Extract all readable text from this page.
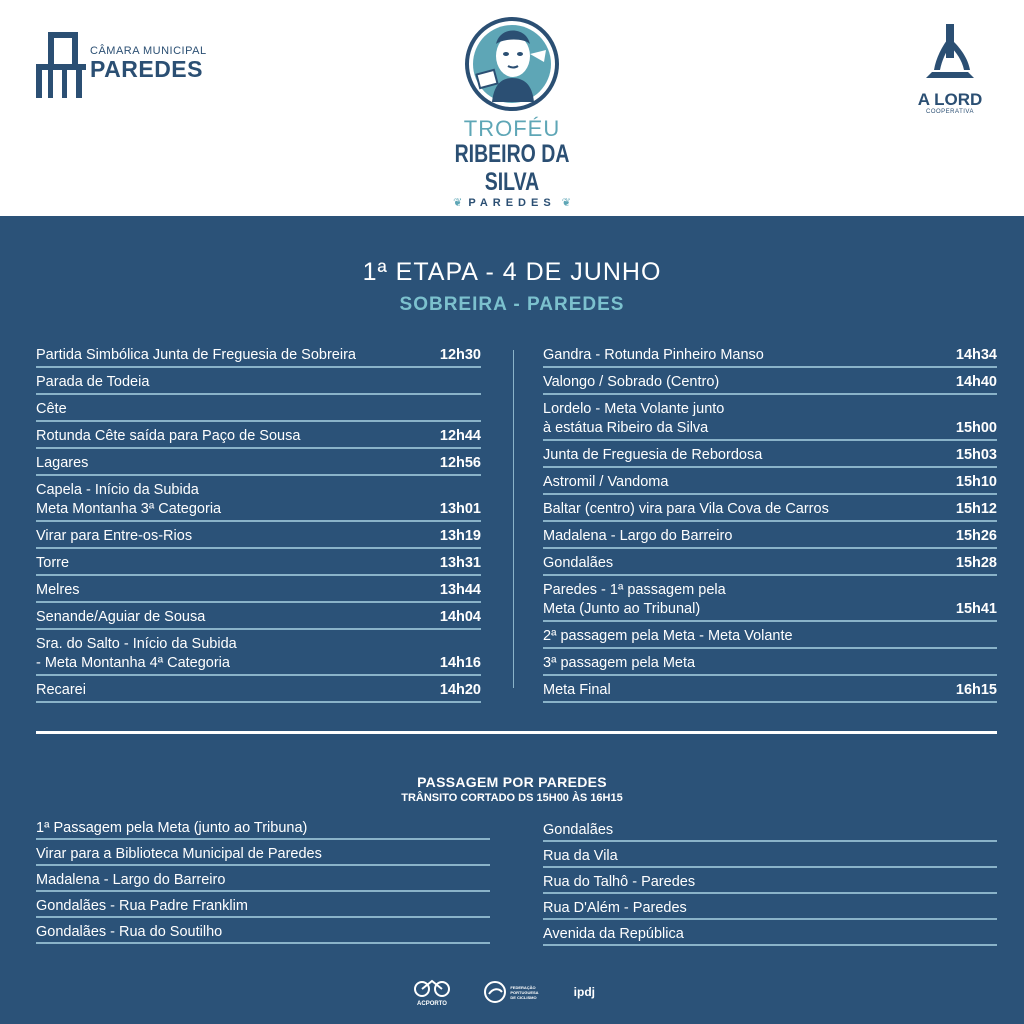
CÂMARA MUNICIPAL
PAREDES
TROFÉU
RIBEIRO DA SILVA
❦ PAREDES ❦
A LORD
COOPERATIVA
1ª ETAPA - 4 DE JUNHO
SOBREIRA - PAREDES
Partida Simbólica Junta de Freguesia de Sobreira	12h30
Parada de Todeia
Cête
Rotunda Cête saída para Paço de Sousa	12h44
Lagares	12h56
Capela - Início da Subida
Meta Montanha 3ª Categoria	13h01
Virar para Entre-os-Rios	13h19
Torre	13h31
Melres	13h44
Senande/Aguiar de Sousa	14h04
Sra. do Salto - Início da Subida
- Meta Montanha 4ª Categoria	14h16
Recarei	14h20
Gandra - Rotunda Pinheiro Manso	14h34
Valongo / Sobrado (Centro)	14h40
Lordelo - Meta Volante junto
à estátua Ribeiro da Silva	15h00
Junta de Freguesia de Rebordosa	15h03
Astromil / Vandoma	15h10
Baltar (centro) vira para Vila Cova de Carros	15h12
Madalena - Largo do Barreiro	15h26
Gondalães	15h28
Paredes - 1ª passagem pela
Meta (Junto ao Tribunal)	15h41
2ª passagem pela Meta - Meta Volante
3ª passagem pela Meta
Meta Final	16h15
PASSAGEM POR PAREDES
TRÂNSITO CORTADO DS 15H00 ÀS 16H15
1ª Passagem pela Meta (junto ao Tribuna)
Virar para a Biblioteca Municipal de Paredes
Madalena - Largo do Barreiro
Gondalães - Rua Padre Franklim
Gondalães - Rua do Soutilho
Gondalães
Rua da Vila
Rua do Talhô - Paredes
Rua D'Além - Paredes
Avenida da República
ACPORTO
FEDERAÇÃO PORTUGUESA DE CICLISMO	ipdj
